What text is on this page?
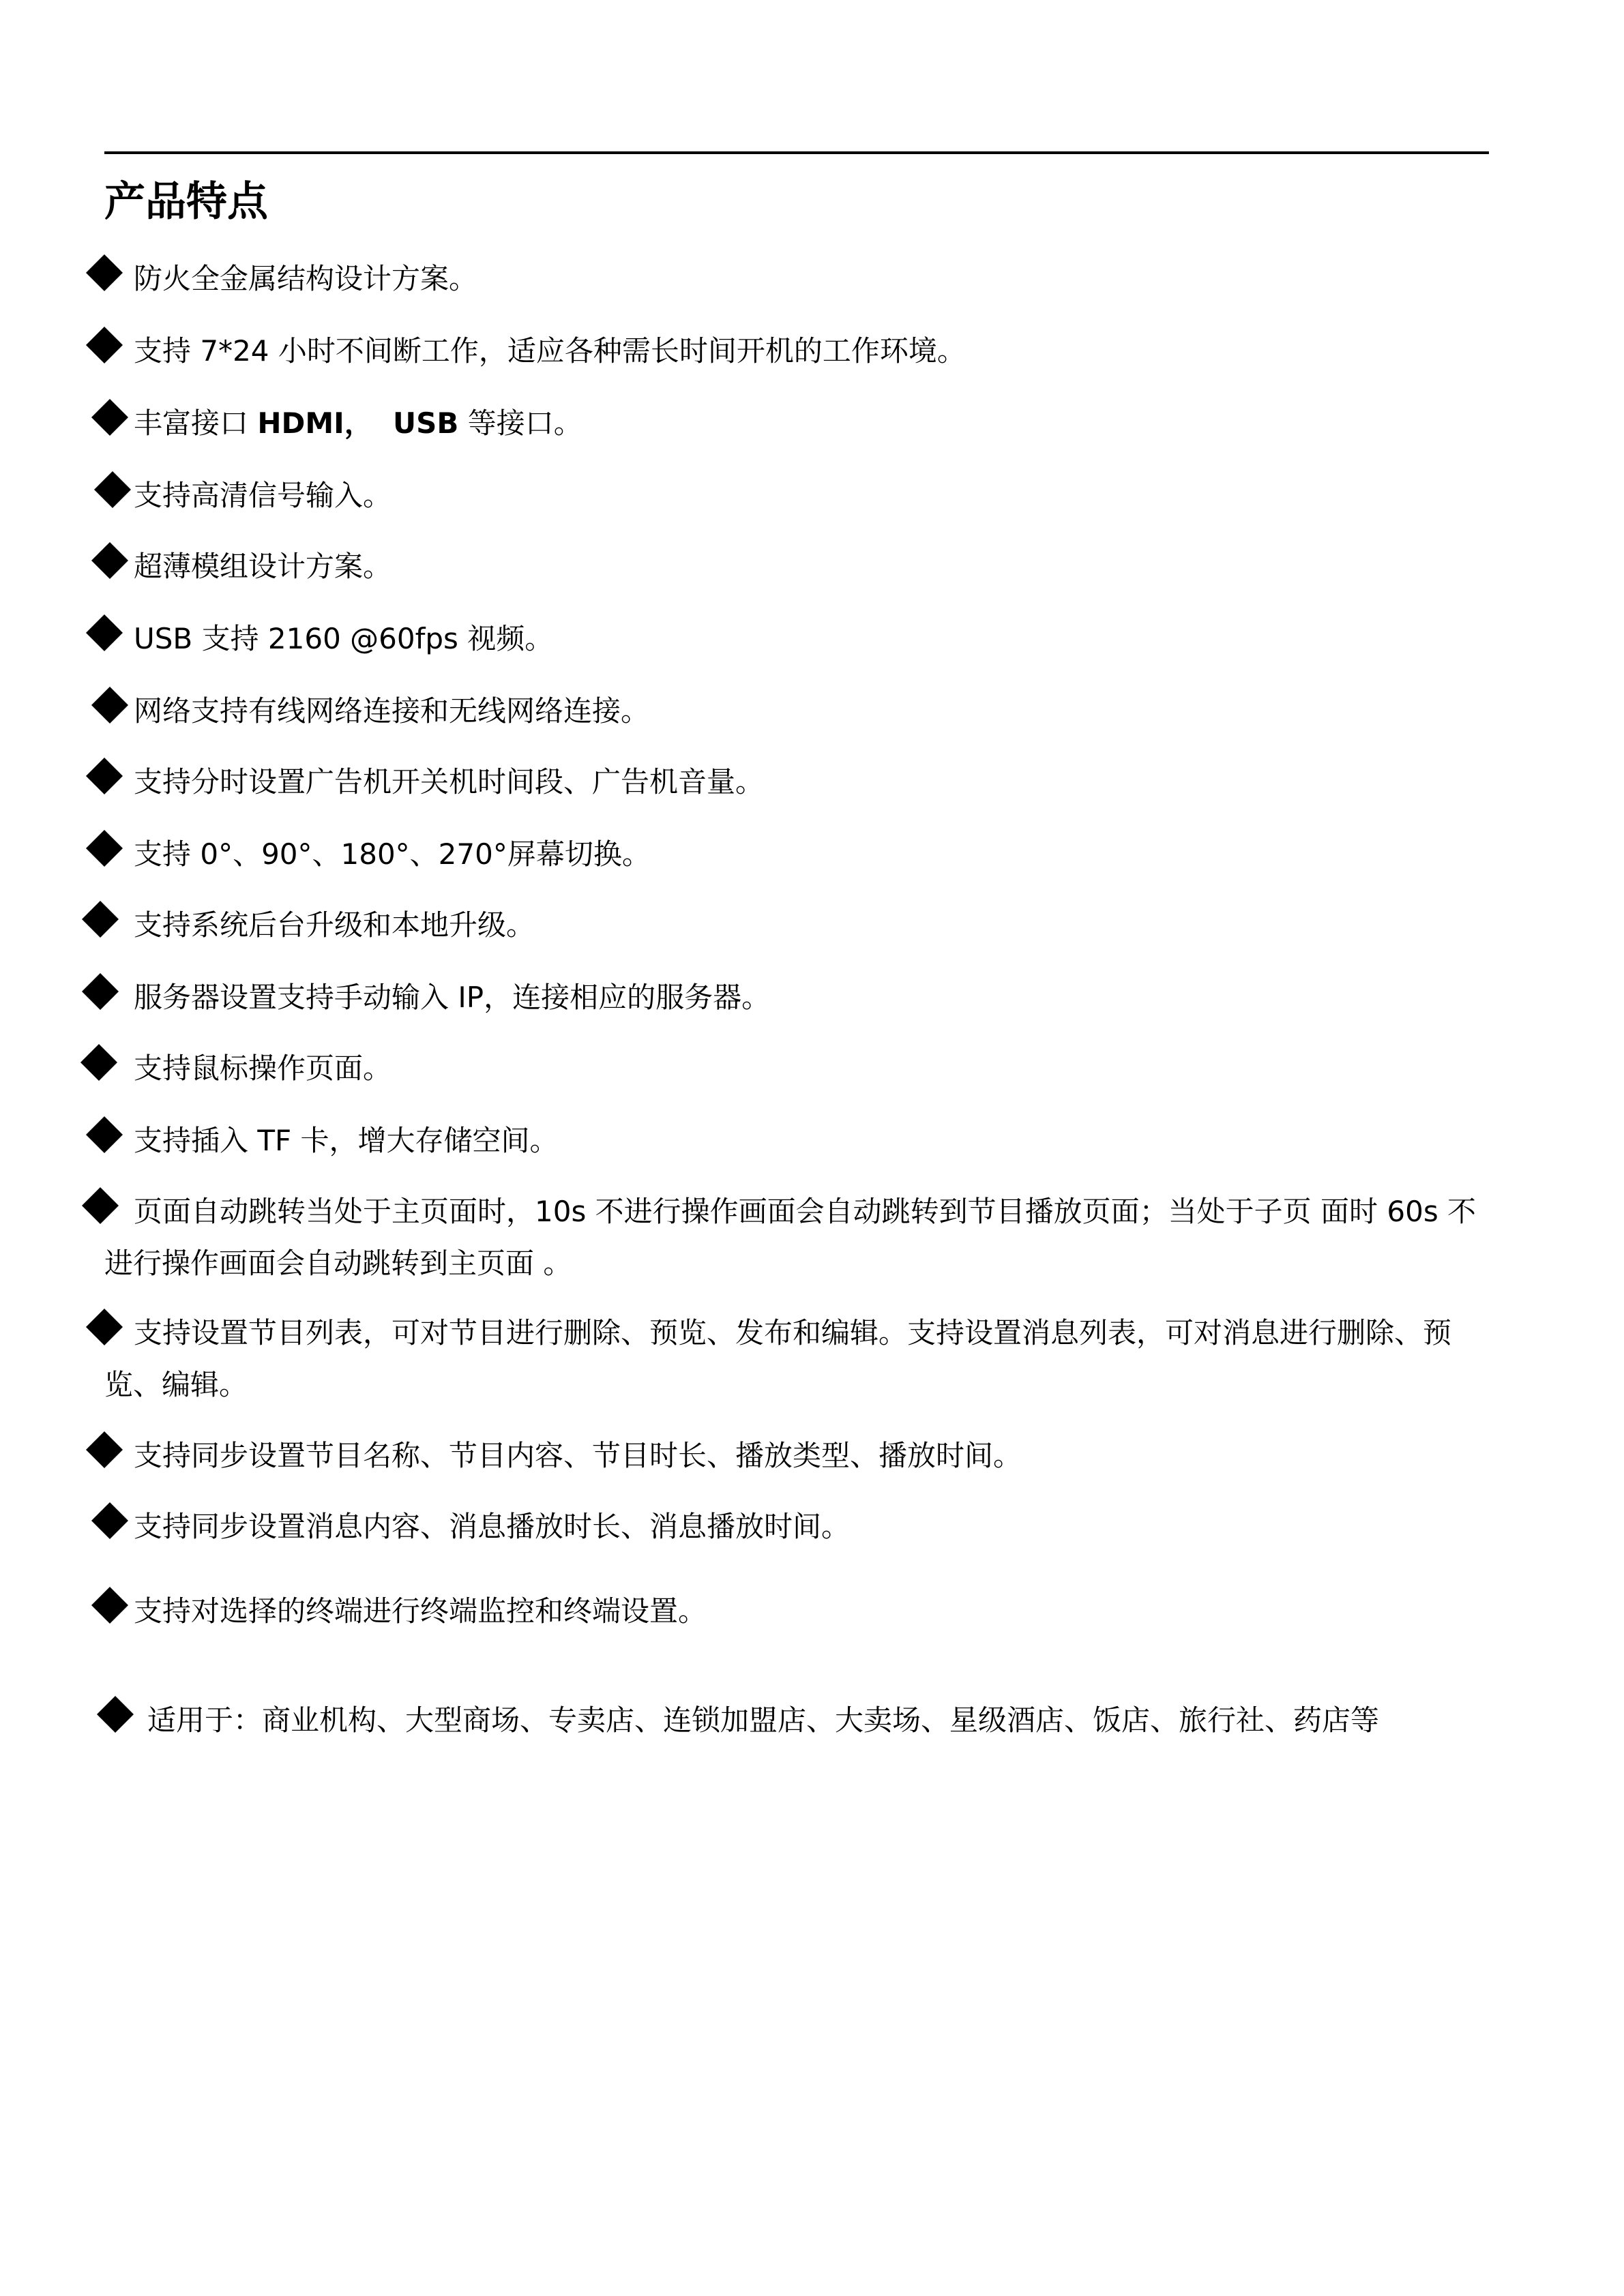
产品特点
防火全金属结构设计方案。
支持 7*24 小时不间断工作，适应各种需长时间开机的工作环境。
丰富接口 HDMI，  USB 等接口。
支持高清信号输入。
超薄模组设计方案。
USB 支持 2160 @60fps 视频。
网络支持有线网络连接和无线网络连接。
支持分时设置广告机开关机时间段、广告机音量。
支持 0°、90°、180°、270°屏幕切换。
支持系统后台升级和本地升级。
服务器设置支持手动输入 IP，连接相应的服务器。
支持鼠标操作页面。
支持插入 TF 卡，增大存储空间。
页面自动跳转当处于主页面时，10s 不进行操作画面会自动跳转到节目播放页面；当处于子页 面时 60s 不进行操作画面会自动跳转到主页面 。
支持设置节目列表，可对节目进行删除、预览、发布和编辑。支持设置消息列表，可对消息进行删除、预览、编辑。
支持同步设置节目名称、节目内容、节目时长、播放类型、播放时间。
支持同步设置消息内容、消息播放时长、消息播放时间。
支持对选择的终端进行终端监控和终端设置。
适用于：商业机构、大型商场、专卖店、连锁加盟店、大卖场、星级酒店、饭店、旅行社、药店等
